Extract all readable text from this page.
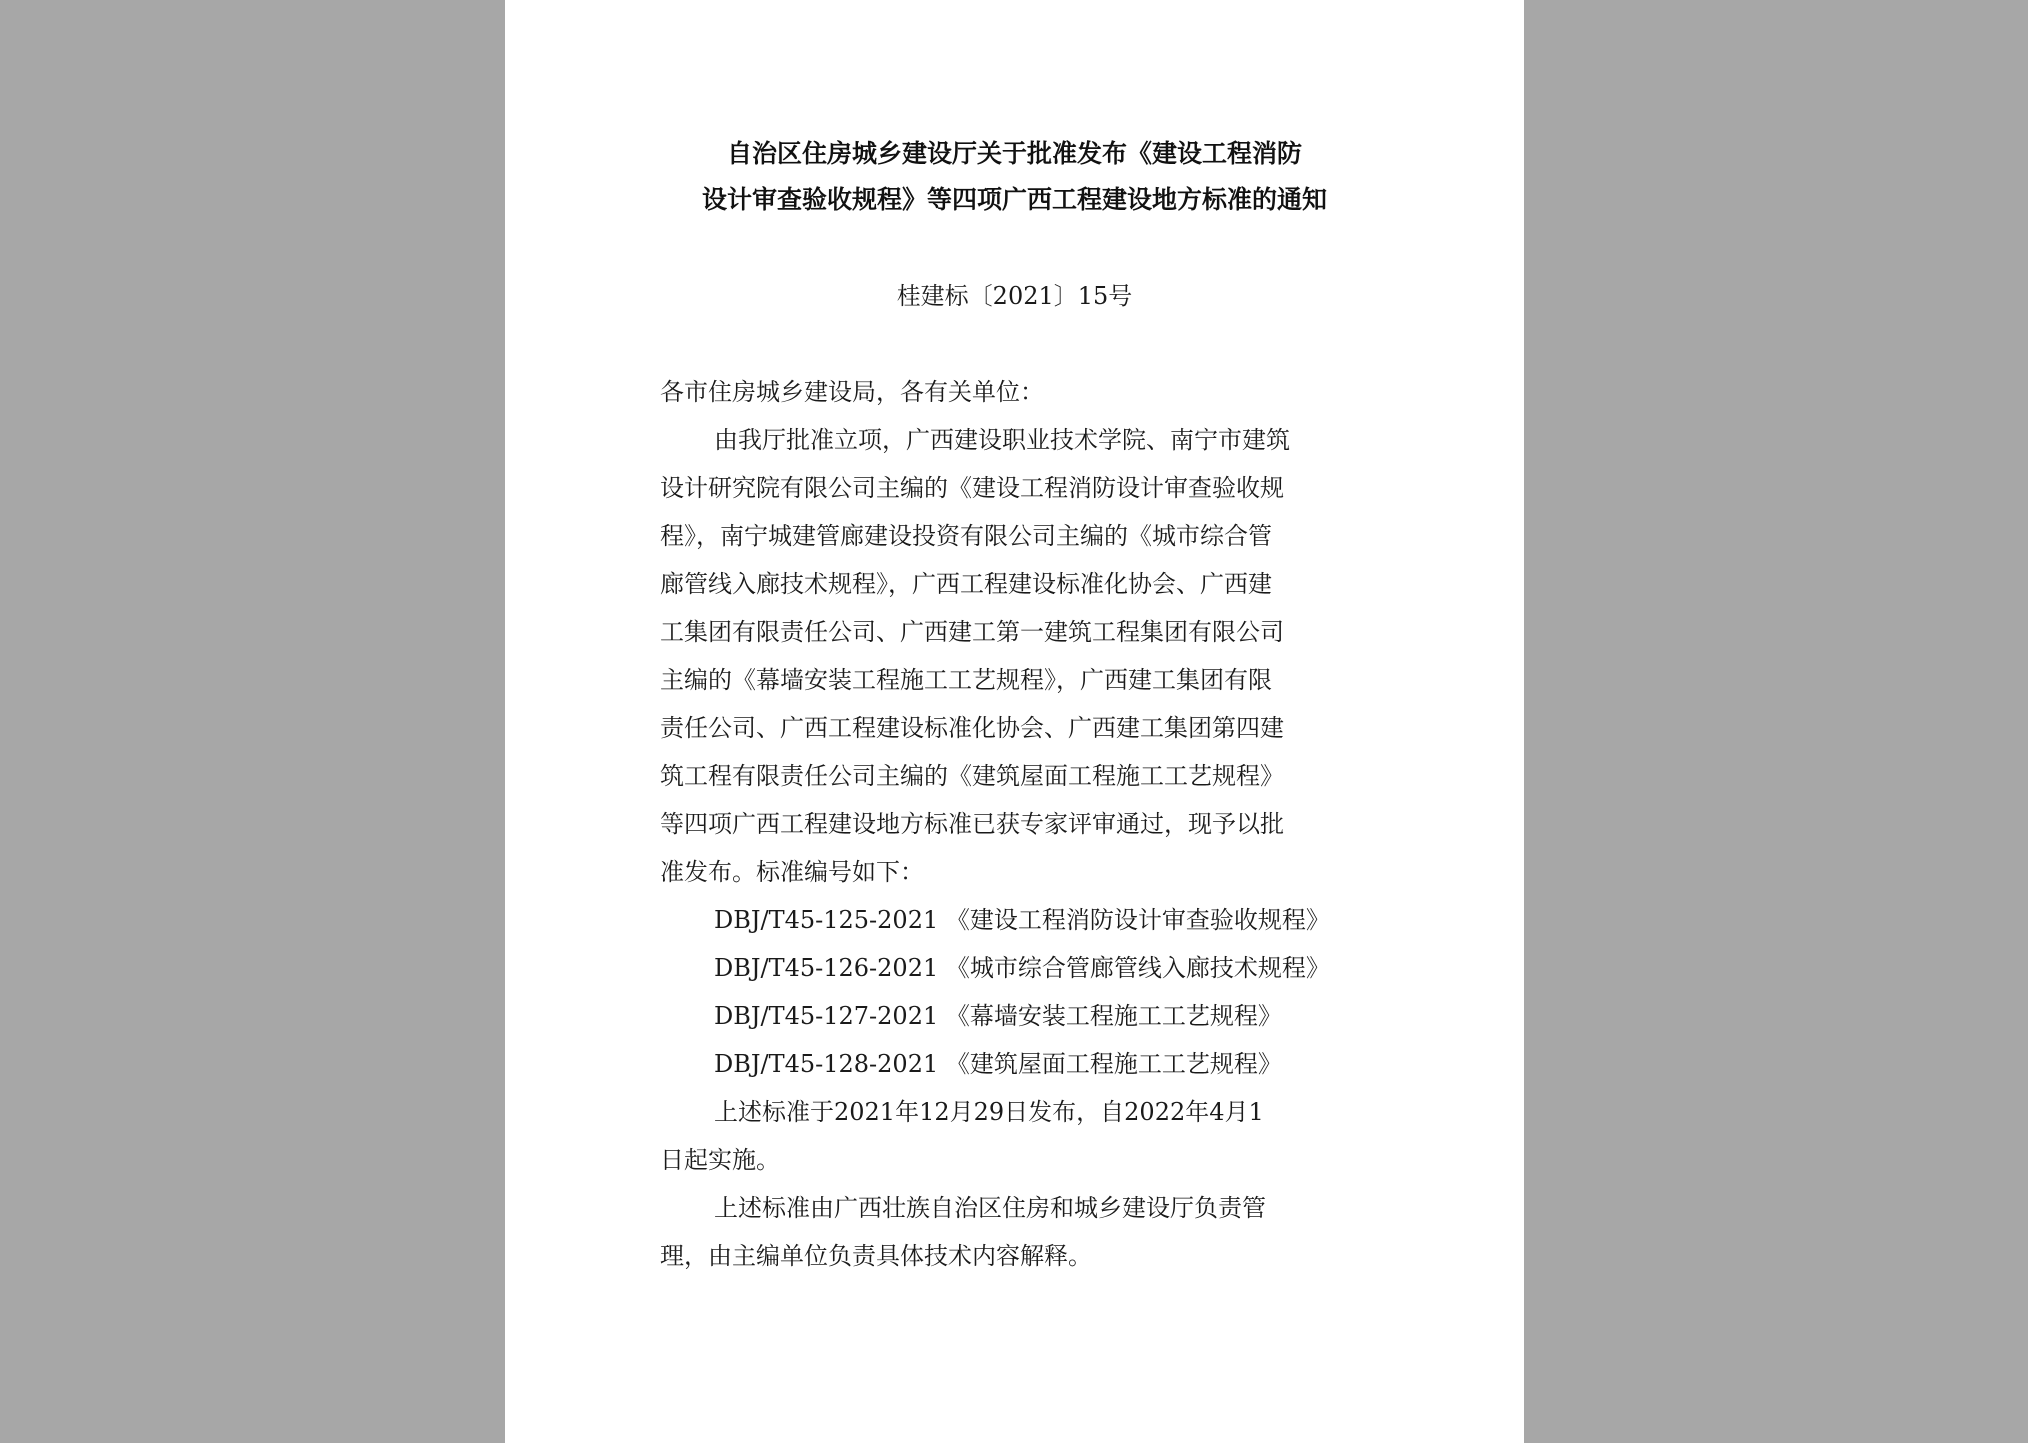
自治区住房城乡建设厅关于批准发布《建设工程消防
设计审查验收规程》等四项广西工程建设地方标准的通知
桂建标〔2021〕15号
各市住房城乡建设局，各有关单位：
由我厅批准立项，广西建设职业技术学院、南宁市建筑
设计研究院有限公司主编的《建设工程消防设计审查验收规
程》，南宁城建管廊建设投资有限公司主编的《城市综合管
廊管线入廊技术规程》，广西工程建设标准化协会、广西建
工集团有限责任公司、广西建工第一建筑工程集团有限公司
主编的《幕墙安装工程施工工艺规程》，广西建工集团有限
责任公司、广西工程建设标准化协会、广西建工集团第四建
筑工程有限责任公司主编的《建筑屋面工程施工工艺规程》
等四项广西工程建设地方标准已获专家评审通过，现予以批
准发布。标准编号如下：
DBJ/T45-125-2021 《建设工程消防设计审查验收规程》
DBJ/T45-126-2021 《城市综合管廊管线入廊技术规程》
DBJ/T45-127-2021 《幕墙安装工程施工工艺规程》
DBJ/T45-128-2021 《建筑屋面工程施工工艺规程》
上述标准于2021年12月29日发布，自2022年4月1
日起实施。
上述标准由广西壮族自治区住房和城乡建设厅负责管
理，由主编单位负责具体技术内容解释。
